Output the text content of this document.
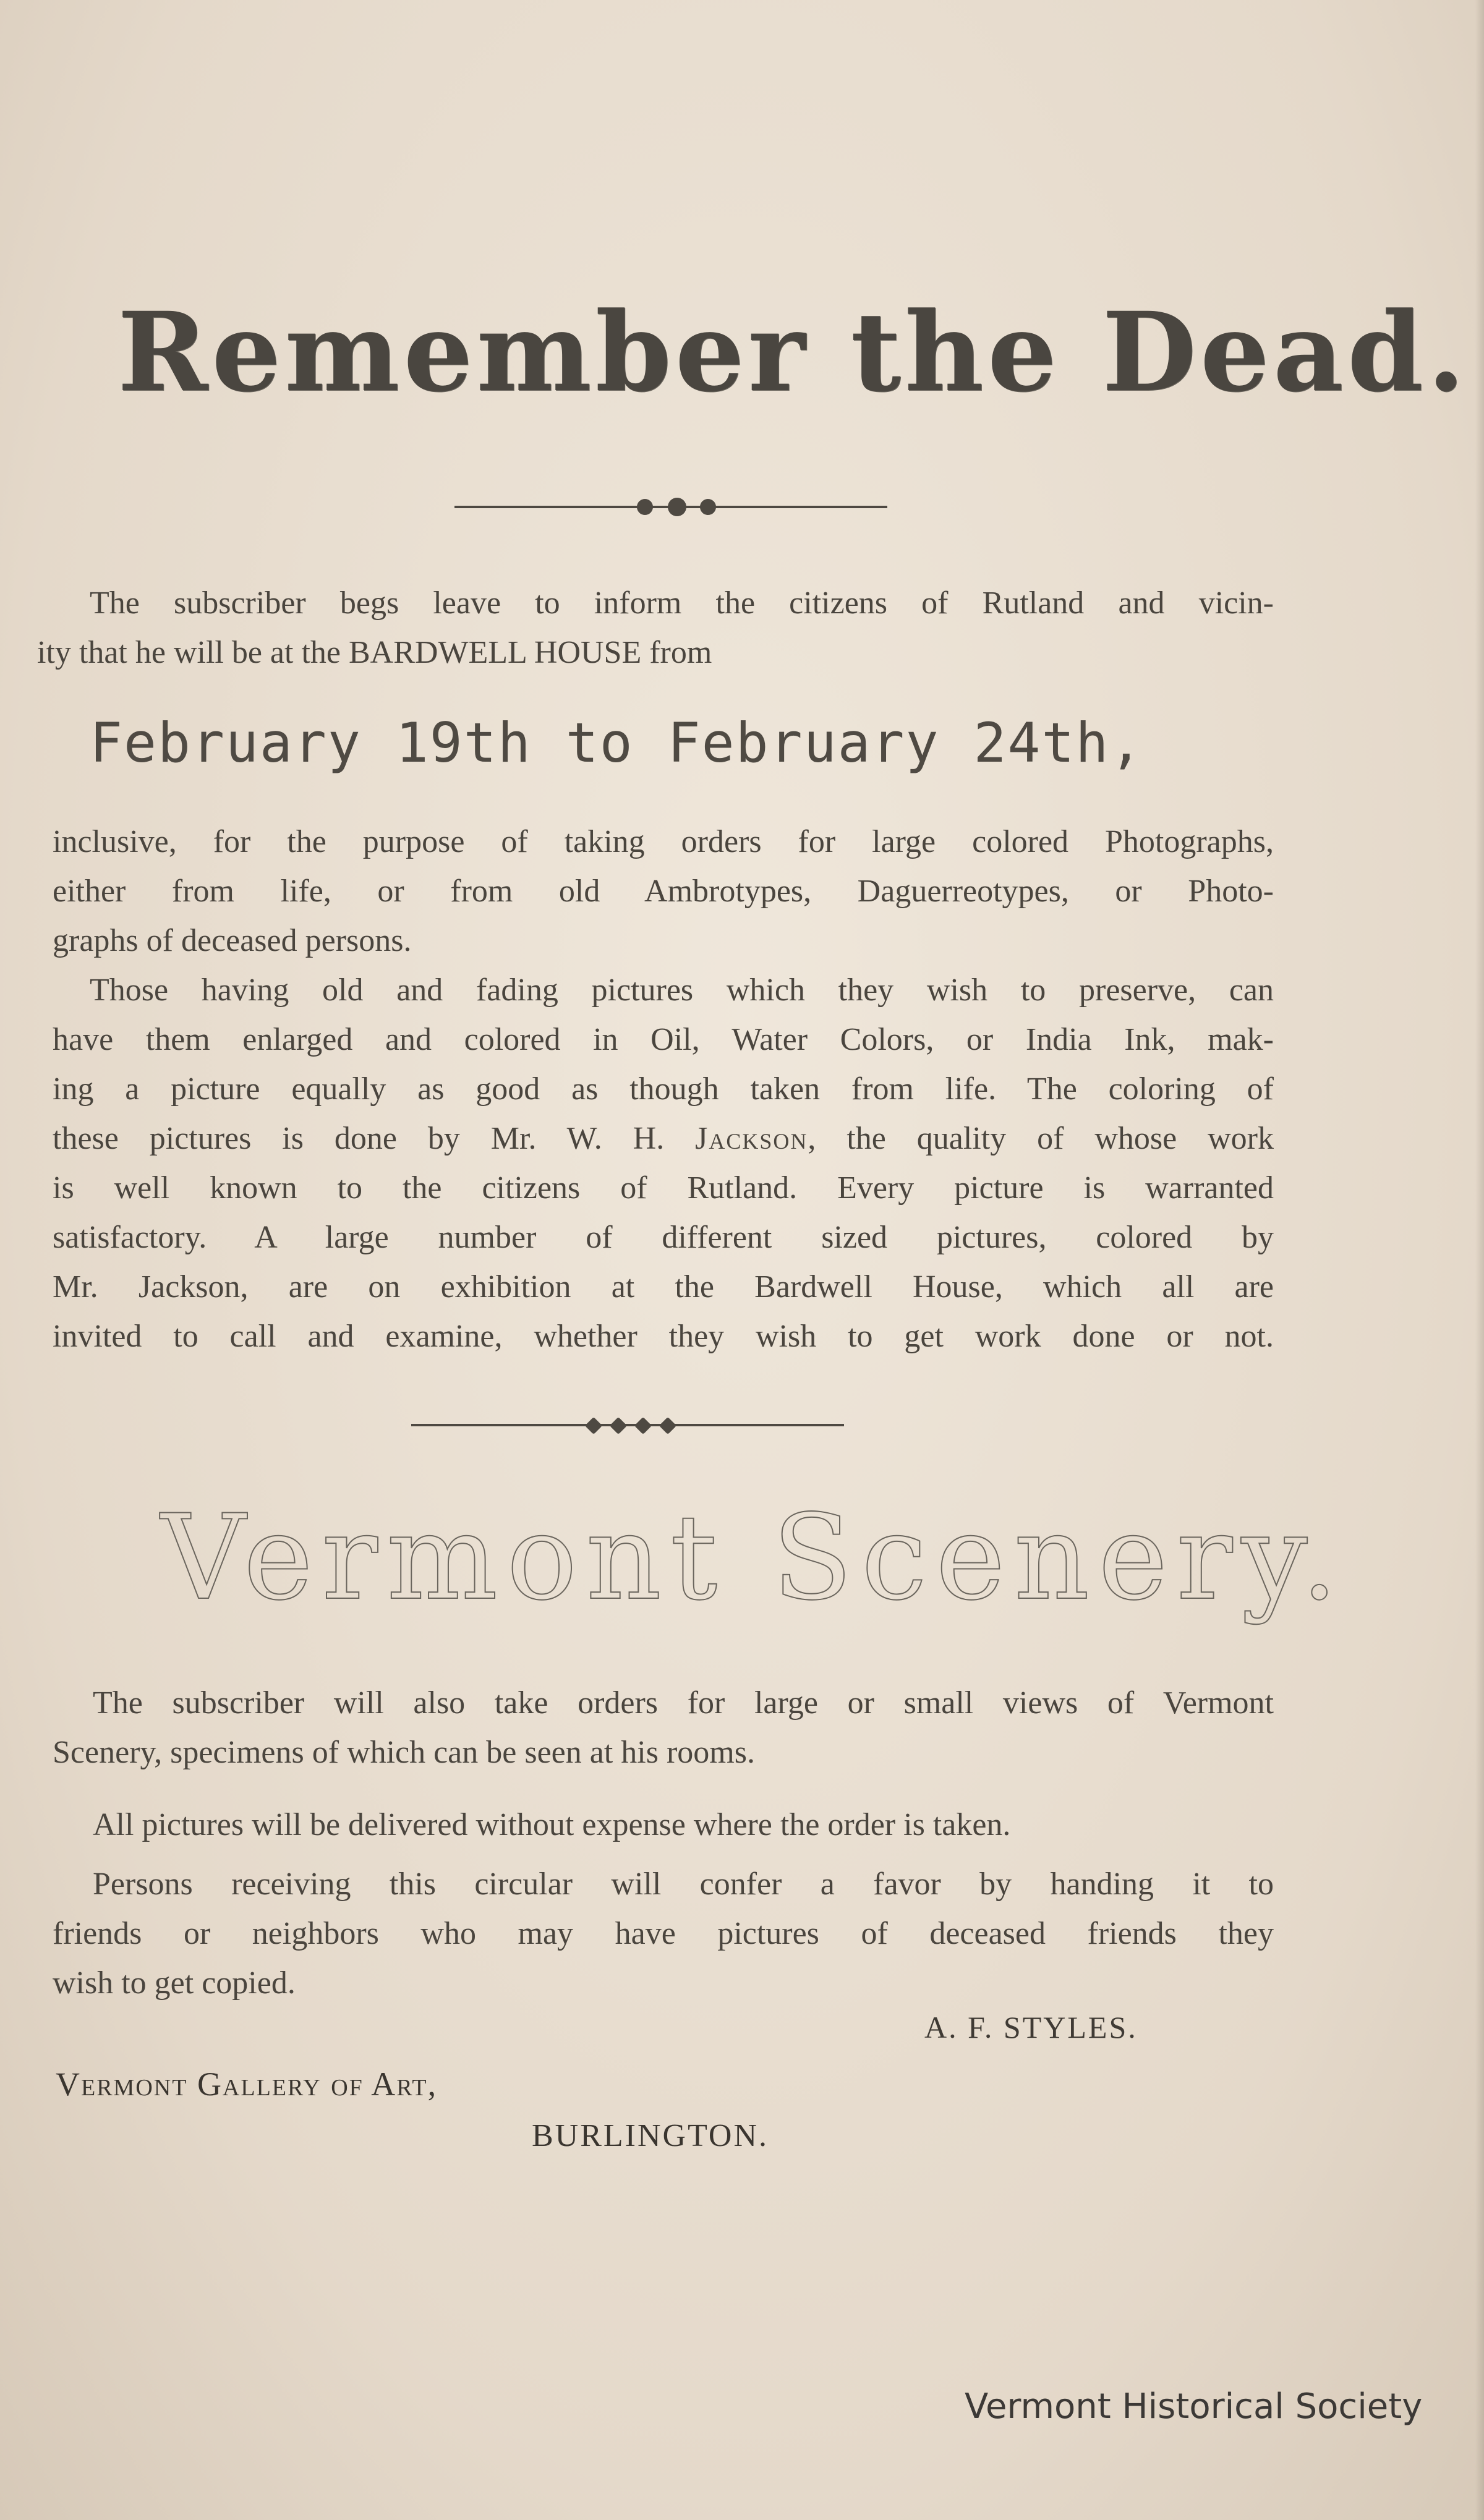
Remember the Dead.
The subscriber begs leave to inform the citizens of Rutland and vicin-
ity that he will be at the BARDWELL HOUSE from
February 19th to February 24th,
inclusive, for the purpose of taking orders for large colored Photographs,
either from life, or from old Ambrotypes, Daguerreotypes, or Photo-
graphs of deceased persons.
Those having old and fading pictures which they wish to preserve, can
have them enlarged and colored in Oil, Water Colors, or India Ink, mak-
ing a picture equally as good as though taken from life. The coloring of
these pictures is done by Mr. W. H. Jackson, the quality of whose work
is well known to the citizens of Rutland. Every picture is warranted
satisfactory. A large number of different sized pictures, colored by
Mr. Jackson, are on exhibition at the Bardwell House, which all are
invited to call and examine, whether they wish to get work done or not.
Vermont Scenery.
The subscriber will also take orders for large or small views of Vermont
Scenery, specimens of which can be seen at his rooms.
All pictures will be delivered without expense where the order is taken.
Persons receiving this circular will confer a favor by handing it to
friends or neighbors who may have pictures of deceased friends they
wish to get copied.
A. F. STYLES.
Vermont Gallery of Art,
BURLINGTON.
Vermont Historical Society
